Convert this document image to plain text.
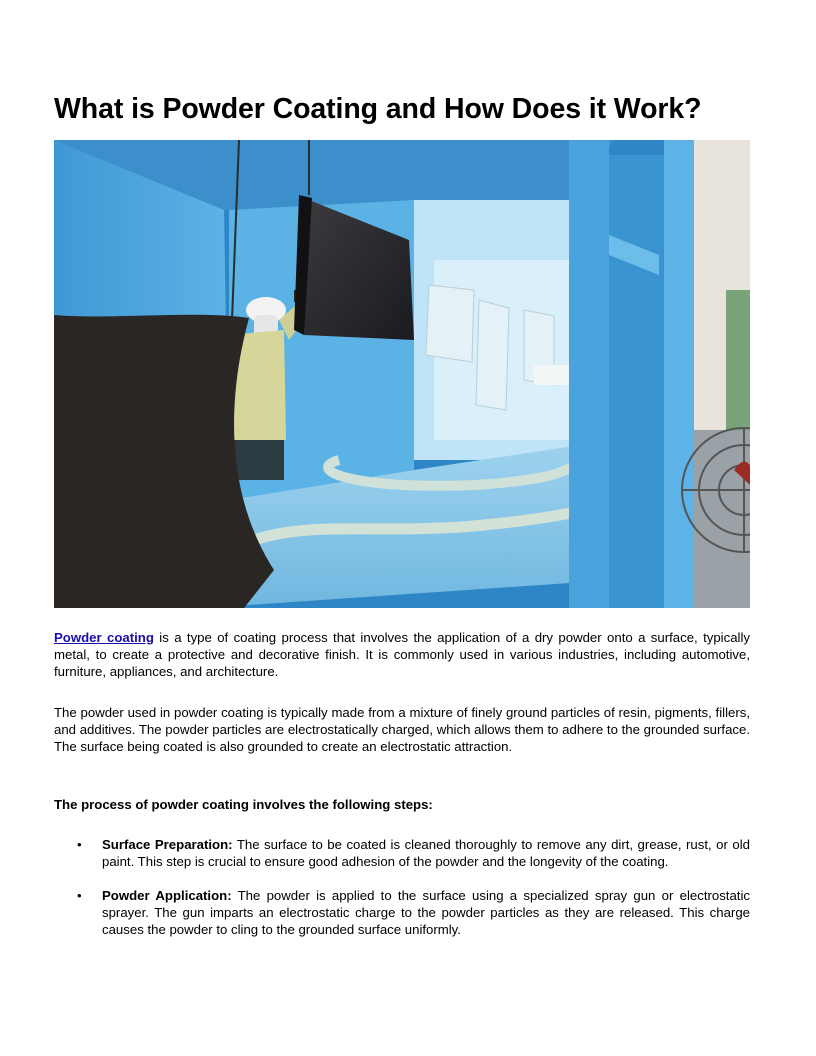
What is Powder Coating and How Does it Work?

Powder coating is a type of coating process that involves the application of a dry powder onto a surface, typically metal, to create a protective and decorative finish. It is commonly used in various industries, including automotive, furniture, appliances, and architecture.

The powder used in powder coating is typically made from a mixture of finely ground particles of resin, pigments, fillers, and additives. The powder particles are electrostatically charged, which allows them to adhere to the grounded surface. The surface being coated is also grounded to create an electrostatic attraction.

The process of powder coating involves the following steps:

• Surface Preparation: The surface to be coated is cleaned thoroughly to remove any dirt, grease, rust, or old paint. This step is crucial to ensure good adhesion of the powder and the longevity of the coating.
• Powder Application: The powder is applied to the surface using a specialized spray gun or electrostatic sprayer. The gun imparts an electrostatic charge to the powder particles as they are released. This charge causes the powder to cling to the grounded surface uniformly.
